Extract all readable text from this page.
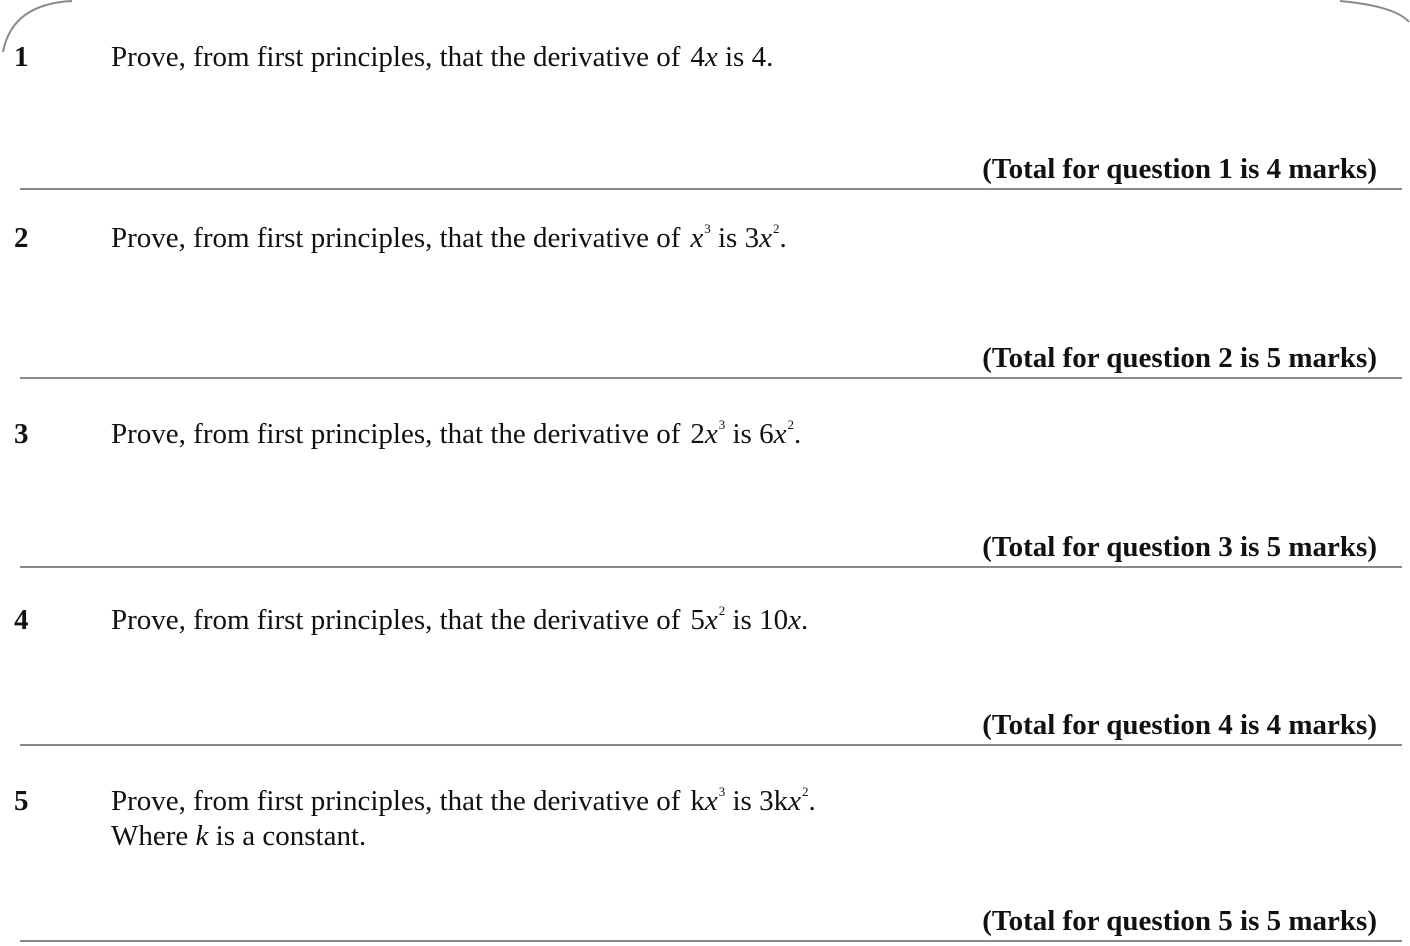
1	Prove, from first principles, that the derivative of 4x is 4.
(Total for question 1 is 4 marks)
2	Prove, from first principles, that the derivative of $x^3$ is $3x^2$.
(Total for question 2 is 5 marks)
3	Prove, from first principles, that the derivative of $2x^3$ is $6x^2$.
(Total for question 3 is 5 marks)
4	Prove, from first principles, that the derivative of $5x^2$ is 10x.
(Total for question 4 is 4 marks)
5	Prove, from first principles, that the derivative of $kx^3$ is $3kx^2$.
Where k is a constant.
(Total for question 5 is 5 marks)
